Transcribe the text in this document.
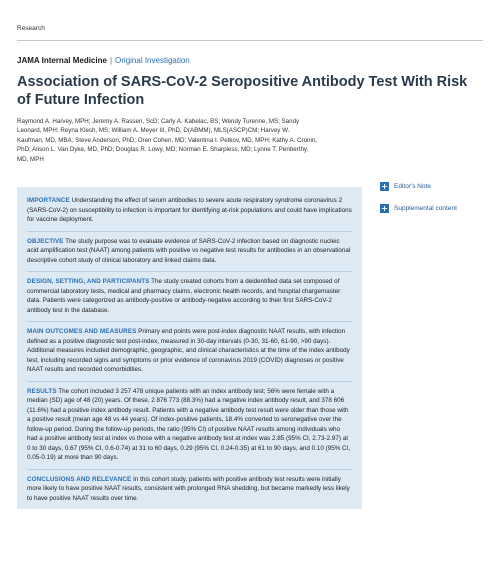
Research
JAMA Internal Medicine | Original Investigation
Association of SARS-CoV-2 Seropositive Antibody Test With Risk of Future Infection
Raymond A. Harvey, MPH; Jeremy A. Rassen, ScD; Carly A. Kabelac, BS; Wendy Turenne, MS; Sandy Leonard, MPH; Reyna Klesh, MS; William A. Meyer III, PhD, D(ABMM), MLS(ASCP)CM; Harvey W. Kaufman, MD, MBA; Steve Anderson, PhD; Oren Cohen, MD; Valentina I. Petkov, MD, MPH; Kathy A. Cronin, PhD; Alison L. Van Dyke, MD, PhD; Douglas R. Lowy, MD; Norman E. Sharpless, MD; Lynne T. Penberthy, MD, MPH
+ Editor's Note
+ Supplemental content
IMPORTANCE Understanding the effect of serum antibodies to severe acute respiratory syndrome coronavirus 2 (SARS-CoV-2) on susceptibility to infection is important for identifying at-risk populations and could have implications for vaccine deployment.
OBJECTIVE The study purpose was to evaluate evidence of SARS-CoV-2 infection based on diagnostic nucleic acid amplification test (NAAT) among patients with positive vs negative test results for antibodies in an observational descriptive cohort study of clinical laboratory and linked claims data.
DESIGN, SETTING, AND PARTICIPANTS The study created cohorts from a deidentified data set composed of commercial laboratory tests, medical and pharmacy claims, electronic health records, and hospital chargemaster data. Patients were categorized as antibody-positive or antibody-negative according to their first SARS-CoV-2 antibody test in the database.
MAIN OUTCOMES AND MEASURES Primary end points were post-index diagnostic NAAT results, with infection defined as a positive diagnostic test post-index, measured in 30-day intervals (0-30, 31-60, 61-90, >90 days). Additional measures included demographic, geographic, and clinical characteristics at the time of the index antibody test, including recorded signs and symptoms or prior evidence of coronavirus 2019 (COVID) diagnoses or positive NAAT results and recorded comorbidities.
RESULTS The cohort included 3 257 478 unique patients with an index antibody test; 56% were female with a median (SD) age of 48 (20) years. Of these, 2 876 773 (88.3%) had a negative index antibody result, and 378 606 (11.6%) had a positive index antibody result. Patients with a negative antibody test result were older than those with a positive result (mean age 48 vs 44 years). Of index-positive patients, 18.4% converted to seronegative over the follow-up period. During the follow-up periods, the ratio (95% CI) of positive NAAT results among individuals who had a positive antibody test at index vs those with a negative antibody test at index was 2.85 (95% CI, 2.73-2.97) at 0 to 30 days, 0.67 (95% CI, 0.6-0.74) at 31 to 60 days, 0.29 (95% CI, 0.24-0.35) at 61 to 90 days, and 0.10 (95% CI, 0.05-0.19) at more than 90 days.
CONCLUSIONS AND RELEVANCE In this cohort study, patients with positive antibody test results were initially more likely to have positive NAAT results, consistent with prolonged RNA shedding, but became markedly less likely to have positive NAAT results over time.
